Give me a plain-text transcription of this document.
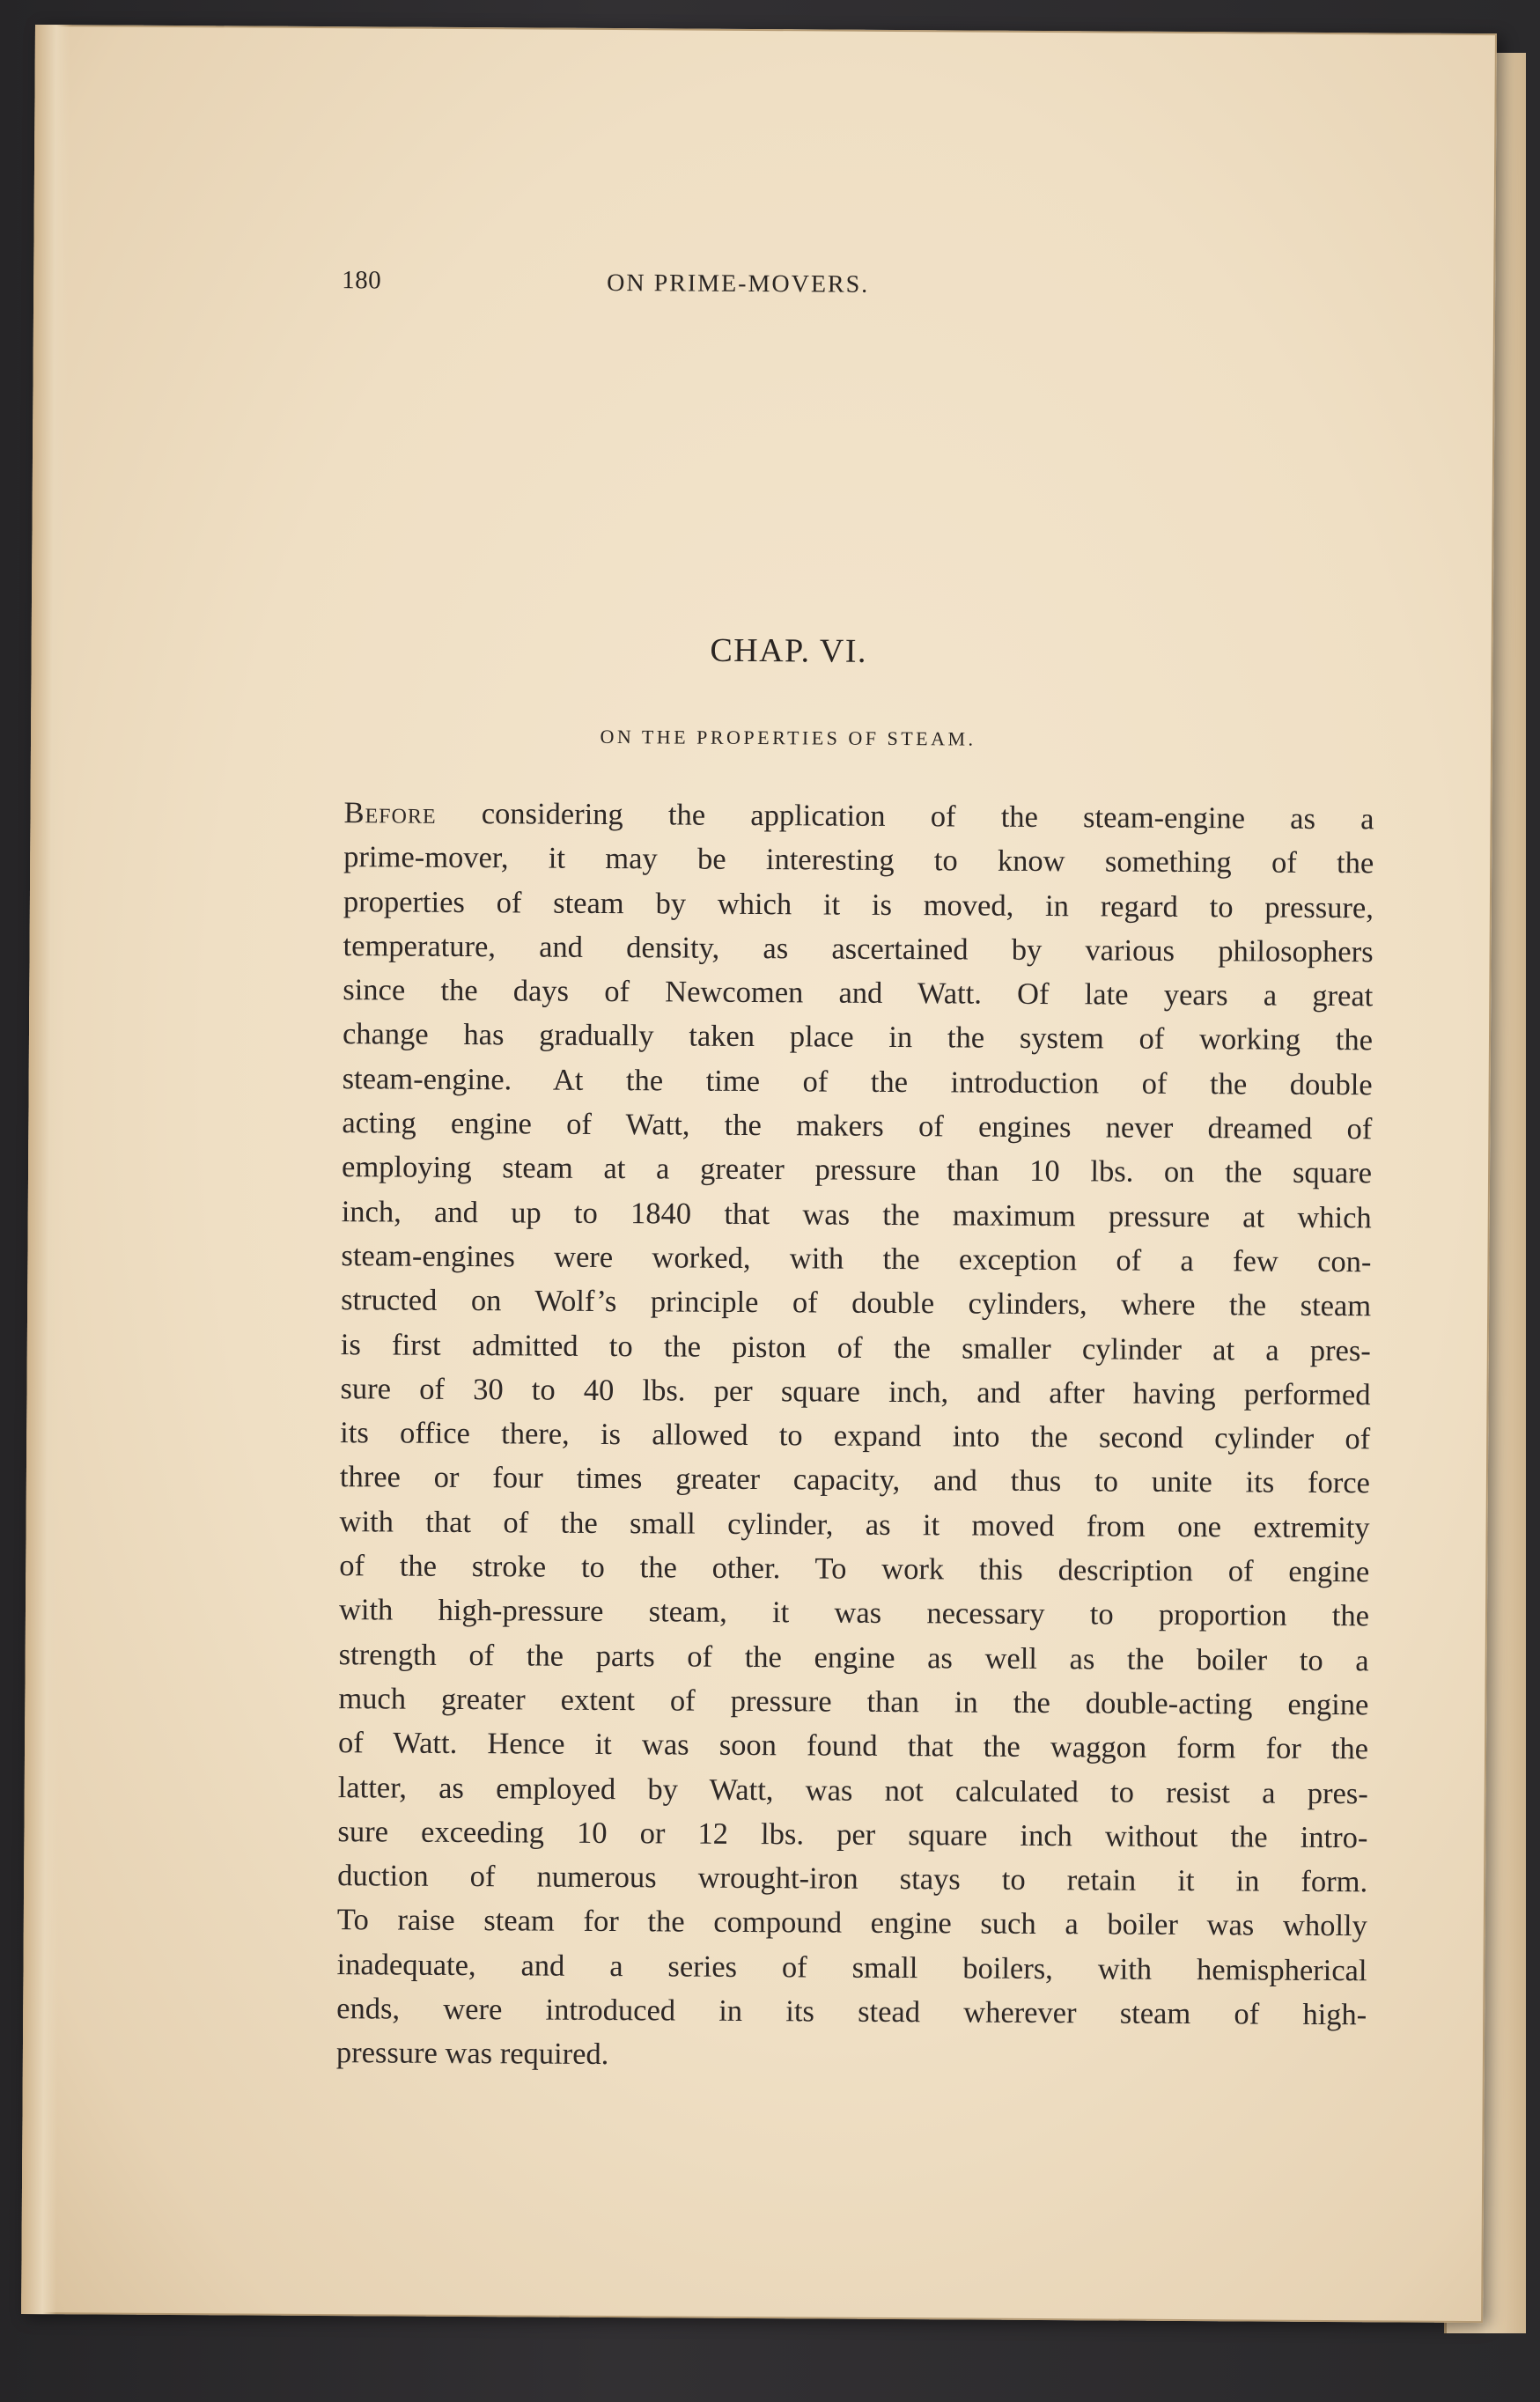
180	ON PRIME-MOVERS.
CHAP. VI.
ON THE PROPERTIES OF STEAM.
Before considering the application of the steam-engine as a
prime-mover, it may be interesting to know something of the
properties of steam by which it is moved, in regard to pressure,
temperature, and density, as ascertained by various philosophers
since the days of Newcomen and Watt. Of late years a great
change has gradually taken place in the system of working the
steam-engine. At the time of the introduction of the double
acting engine of Watt, the makers of engines never dreamed of
employing steam at a greater pressure than 10 lbs. on the square
inch, and up to 1840 that was the maximum pressure at which
steam-engines were worked, with the exception of a few con-
structed on Wolf’s principle of double cylinders, where the steam
is first admitted to the piston of the smaller cylinder at a pres-
sure of 30 to 40 lbs. per square inch, and after having performed
its office there, is allowed to expand into the second cylinder of
three or four times greater capacity, and thus to unite its force
with that of the small cylinder, as it moved from one extremity
of the stroke to the other. To work this description of engine
with high-pressure steam, it was necessary to proportion the
strength of the parts of the engine as well as the boiler to a
much greater extent of pressure than in the double-acting engine
of Watt. Hence it was soon found that the waggon form for the
latter, as employed by Watt, was not calculated to resist a pres-
sure exceeding 10 or 12 lbs. per square inch without the intro-
duction of numerous wrought-iron stays to retain it in form.
To raise steam for the compound engine such a boiler was wholly
inadequate, and a series of small boilers, with hemispherical
ends, were introduced in its stead wherever steam of high-
pressure was required.
